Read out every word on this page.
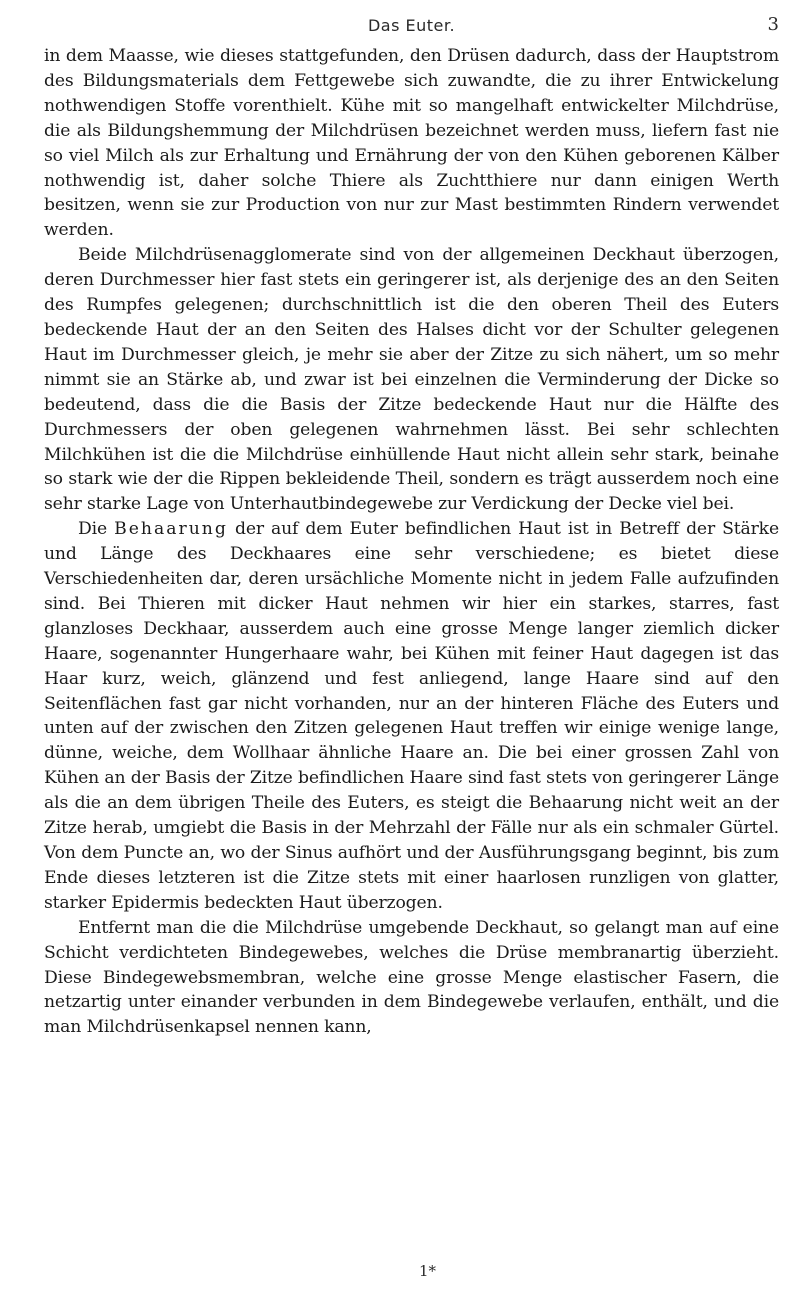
Das Euter.	3

in dem Maasse, wie dieses stattgefunden, den Drüsen dadurch, dass der Hauptstrom des Bildungsmaterials dem Fettgewebe sich zuwandte, die zu ihrer Entwickelung nothwendigen Stoffe vorenthielt. Kühe mit so mangelhaft entwickelter Milchdrüse, die als Bildungshemmung der Milchdrüsen bezeichnet werden muss, liefern fast nie so viel Milch als zur Erhaltung und Ernährung der von den Kühen geborenen Kälber nothwendig ist, daher solche Thiere als Zuchtthiere nur dann einigen Werth besitzen, wenn sie zur Production von nur zur Mast bestimmten Rindern verwendet werden.

Beide Milchdrüsenagglomerate sind von der allgemeinen Deckhaut überzogen, deren Durchmesser hier fast stets ein geringerer ist, als derjenige des an den Seiten des Rumpfes gelegenen; durchschnittlich ist die den oberen Theil des Euters bedeckende Haut der an den Seiten des Halses dicht vor der Schulter gelegenen Haut im Durchmesser gleich, je mehr sie aber der Zitze zu sich nähert, um so mehr nimmt sie an Stärke ab, und zwar ist bei einzelnen die Verminderung der Dicke so bedeutend, dass die die Basis der Zitze bedeckende Haut nur die Hälfte des Durchmessers der oben gelegenen wahrnehmen lässt. Bei sehr schlechten Milchkühen ist die die Milchdrüse einhüllende Haut nicht allein sehr stark, beinahe so stark wie der die Rippen bekleidende Theil, sondern es trägt ausserdem noch eine sehr starke Lage von Unterhautbindegewebe zur Verdickung der Decke viel bei.

Die Behaarung der auf dem Euter befindlichen Haut ist in Betreff der Stärke und Länge des Deckhaares eine sehr verschiedene; es bietet diese Verschiedenheiten dar, deren ursächliche Momente nicht in jedem Falle aufzufinden sind. Bei Thieren mit dicker Haut nehmen wir hier ein starkes, starres, fast glanzloses Deckhaar, ausserdem auch eine grosse Menge langer ziemlich dicker Haare, sogenannter Hungerhaare wahr, bei Kühen mit feiner Haut dagegen ist das Haar kurz, weich, glänzend und fest anliegend, lange Haare sind auf den Seitenflächen fast gar nicht vorhanden, nur an der hinteren Fläche des Euters und unten auf der zwischen den Zitzen gelegenen Haut treffen wir einige wenige lange, dünne, weiche, dem Wollhaar ähnliche Haare an. Die bei einer grossen Zahl von Kühen an der Basis der Zitze befindlichen Haare sind fast stets von geringerer Länge als die an dem übrigen Theile des Euters, es steigt die Behaarung nicht weit an der Zitze herab, umgiebt die Basis in der Mehrzahl der Fälle nur als ein schmaler Gürtel. Von dem Puncte an, wo der Sinus aufhört und der Ausführungsgang beginnt, bis zum Ende dieses letzteren ist die Zitze stets mit einer haarlosen runzligen von glatter, starker Epidermis bedeckten Haut überzogen.

Entfernt man die die Milchdrüse umgebende Deckhaut, so gelangt man auf eine Schicht verdichteten Bindegewebes, welches die Drüse membranartig überzieht. Diese Bindegewebsmembran, welche eine grosse Menge elastischer Fasern, die netzartig unter einander verbunden in dem Bindegewebe verlaufen, enthält, und die man Milchdrüsenkapsel nennen kann,

1*
